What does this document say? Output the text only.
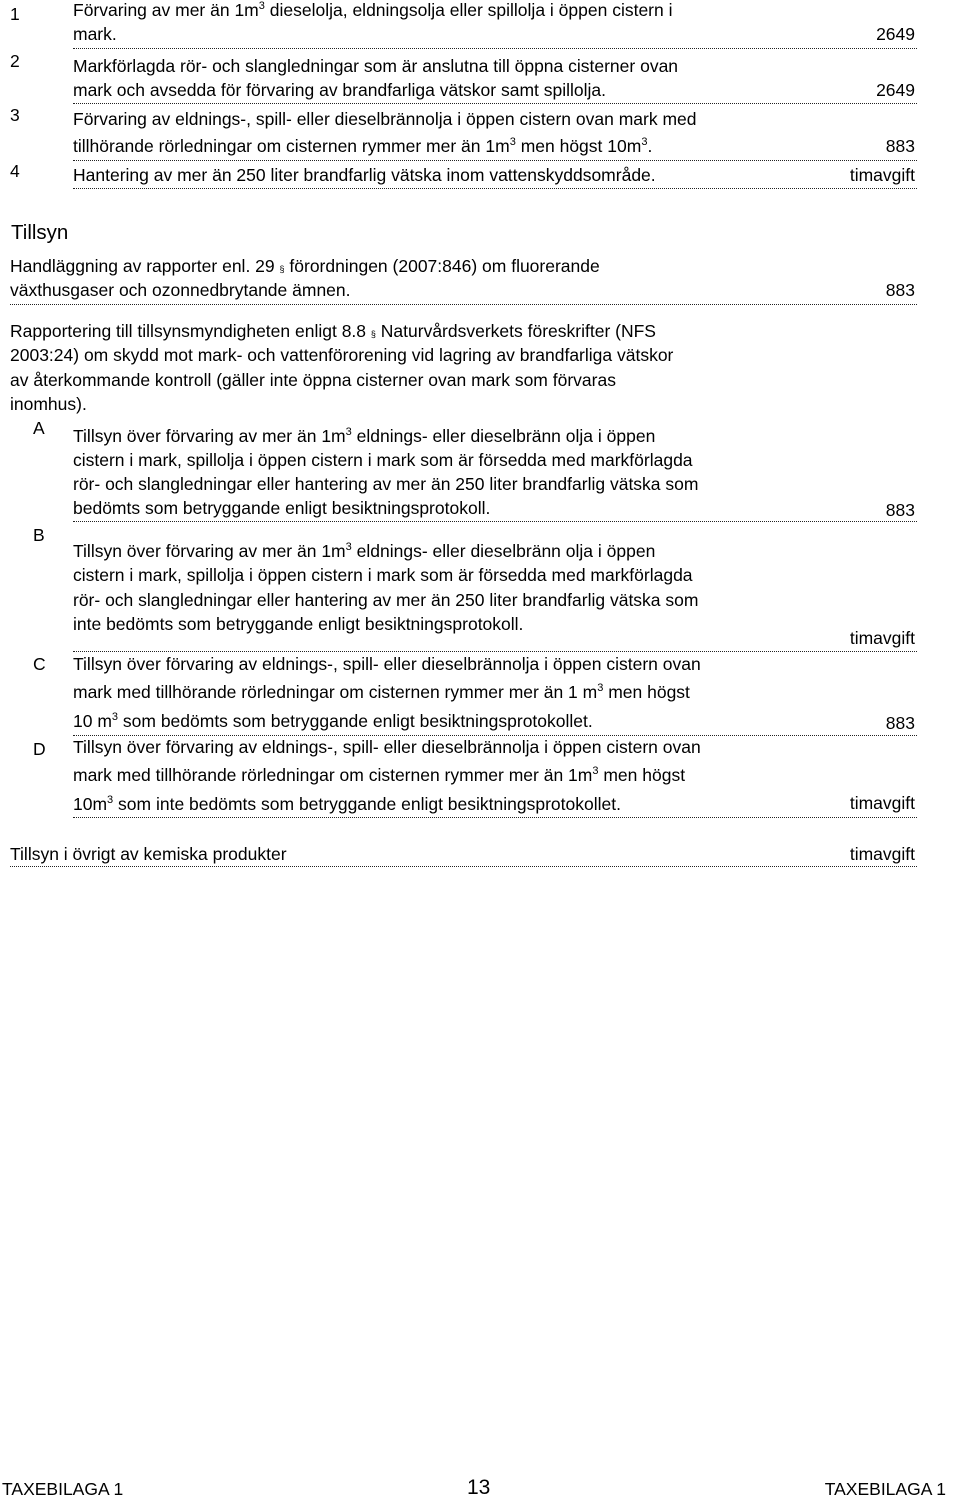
1	Förvaring av mer än $1m^3$ dieselolja, eldningsolja eller spillolja i öppen cistern i
mark.	2649
2	Markförlagda rör- och slangledningar som är anslutna till öppna cisterner ovan
mark och avsedda för förvaring av brandfarliga vätskor samt spillolja.	2649
3	Förvaring av eldnings-, spill- eller dieselbrännolja i öppen cistern ovan mark med
tillhörande rörledningar om cisternen rymmer mer än $1m^3$ men högst $10m^3$.	883
4	Hantering av mer än 250 liter brandfarlig vätska inom vattenskyddsområde.	timavgift
Tillsyn
Handläggning av rapporter enl. 29 § förordningen (2007:846) om fluorerande
växthusgaser och ozonnedbrytande ämnen.	883
Rapportering till tillsynsmyndigheten enligt 8.8 § Naturvårdsverkets föreskrifter (NFS
2003:24) om skydd mot mark- och vattenförorening vid lagring av brandfarliga vätskor
av återkommande kontroll (gäller inte öppna cisterner ovan mark som förvaras
inomhus).
A Tillsyn över förvaring av mer än $1m^3$ eldnings- eller dieselbränn olja i öppen
cistern i mark, spillolja i öppen cistern i mark som är försedda med markförlagda
rör- och slangledningar eller hantering av mer än 250 liter brandfarlig vätska som
bedömts som betryggande enligt besiktningsprotokoll.	883
B
Tillsyn över förvaring av mer än $1m^3$ eldnings- eller dieselbränn olja i öppen
cistern i mark, spillolja i öppen cistern i mark som är försedda med markförlagda
rör- och slangledningar eller hantering av mer än 250 liter brandfarlig vätska som
inte bedömts som betryggande enligt besiktningsprotokoll.
timavgift
C Tillsyn över förvaring av eldnings-, spill- eller dieselbrännolja i öppen cistern ovan
mark med tillhörande rörledningar om cisternen rymmer mer än 1 $m^3$ men högst
10 $m^3$ som bedömts som betryggande enligt besiktningsprotokollet.	883
D Tillsyn över förvaring av eldnings-, spill- eller dieselbrännolja i öppen cistern ovan
mark med tillhörande rörledningar om cisternen rymmer mer än $1m^3$ men högst
$10m^3$ som inte bedömts som betryggande enligt besiktningsprotokollet.	timavgift
Tillsyn i övrigt av kemiska produkter	timavgift
TAXEBILAGA 1	13	TAXEBILAGA 1
